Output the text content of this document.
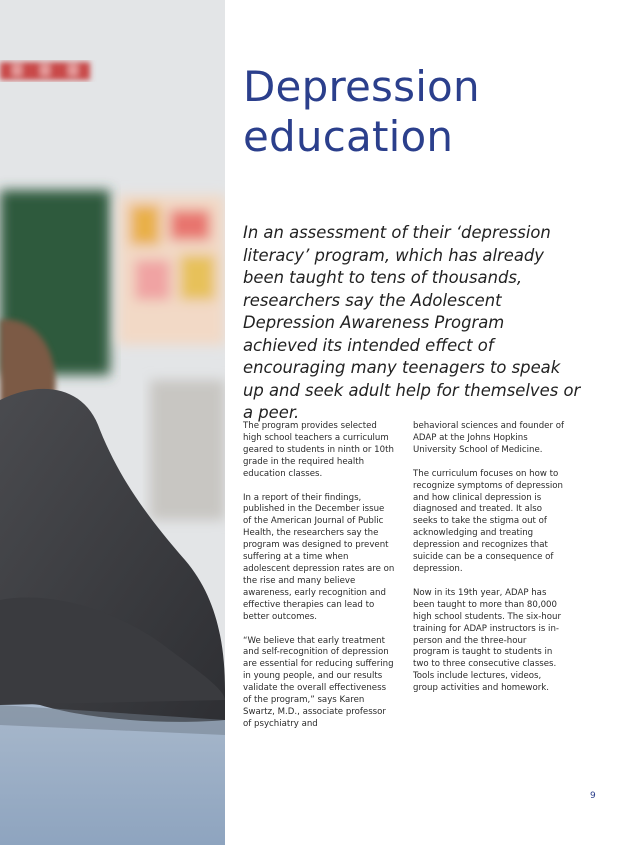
Depression
education

In an assessment of their ‘depression literacy’ program, which has already been taught to tens of thousands, researchers say the Adolescent Depression Awareness Program achieved its intended effect of encouraging many teenagers to speak up and seek adult help for themselves or a peer.

The program provides selected high school teachers a curriculum geared to students in ninth or 10th grade in the required health education classes.

In a report of their findings, published in the December issue of the American Journal of Public Health, the researchers say the program was designed to prevent suffering at a time when adolescent depression rates are on the rise and many believe awareness, early recognition and effective therapies can lead to better outcomes.

“We believe that early treatment and self-recognition of depression are essential for reducing suffering in young people, and our results validate the overall effectiveness of the program,” says Karen Swartz, M.D., associate professor of psychiatry and

behavioral sciences and founder of ADAP at the Johns Hopkins University School of Medicine.

The curriculum focuses on how to recognize symptoms of depression and how clinical depression is diagnosed and treated. It also seeks to take the stigma out of acknowledging and treating depression and recognizes that suicide can be a consequence of depression.

Now in its 19th year, ADAP has been taught to more than 80,000 high school students. The six-hour training for ADAP instructors is in-person and the three-hour program is taught to students in two to three consecutive classes. Tools include lectures, videos, group activities and homework.

9
